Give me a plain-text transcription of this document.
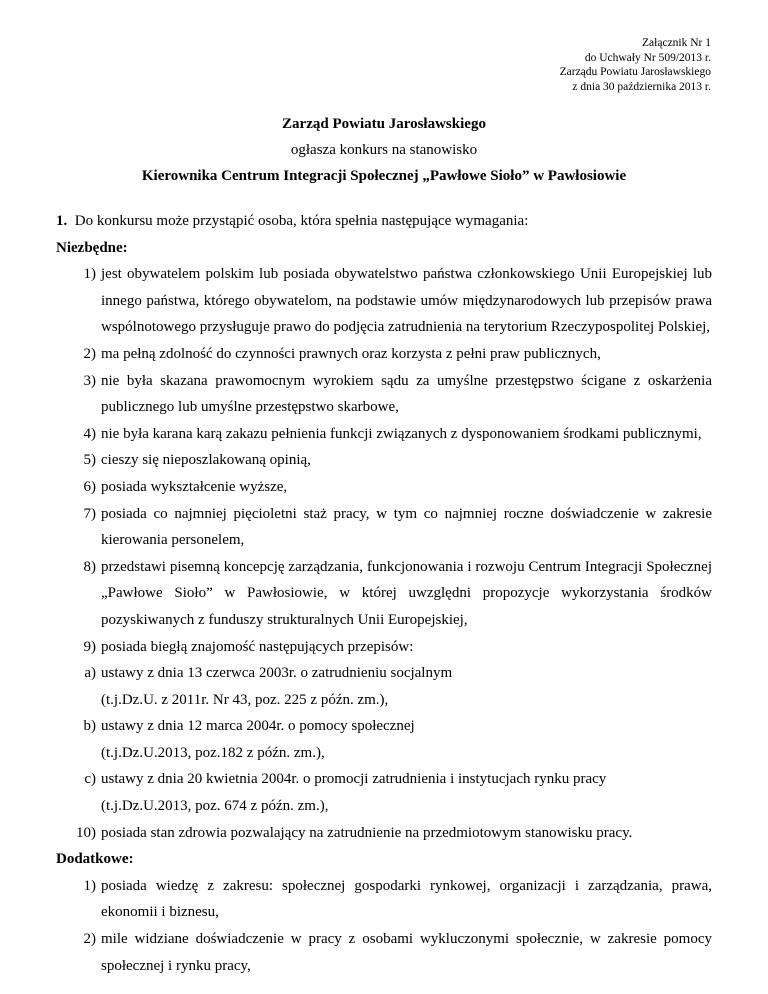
Załącznik Nr 1
do Uchwały Nr 509/2013 r.
Zarządu Powiatu Jarosławskiego
z dnia 30 października 2013 r.
Zarząd Powiatu Jarosławskiego
ogłasza konkurs na stanowisko
Kierownika Centrum Integracji Społecznej „Pawłowe Sioło” w Pawłosiowie

1. Do konkursu może przystąpić osoba, która spełnia następujące wymagania:

Niezbędne:

1) jest obywatelem polskim lub posiada obywatelstwo państwa członkowskiego Unii Europejskiej lub innego państwa, którego obywatelom, na podstawie umów międzynarodowych lub przepisów prawa wspólnotowego przysługuje prawo do podjęcia zatrudnienia na terytorium Rzeczypospolitej Polskiej,
2) ma pełną zdolność do czynności prawnych oraz korzysta z pełni praw publicznych,
3) nie była skazana prawomocnym wyrokiem sądu za umyślne przestępstwo ścigane z oskarżenia publicznego lub umyślne przestępstwo skarbowe,
4) nie była karana karą zakazu pełnienia funkcji związanych z dysponowaniem środkami publicznymi,
5) cieszy się nieposzlakowaną opinią,
6) posiada wykształcenie wyższe,
7) posiada co najmniej pięcioletni staż pracy, w tym co najmniej roczne doświadczenie w zakresie kierowania personelem,
8) przedstawi pisemną koncepcję zarządzania, funkcjonowania i rozwoju Centrum Integracji Społecznej „Pawłowe Sioło” w Pawłosiowie, w której uwzględni propozycje wykorzystania środków pozyskiwanych z funduszy strukturalnych Unii Europejskiej,
9) posiada biegłą znajomość następujących przepisów:
a) ustawy z dnia 13 czerwca 2003r. o zatrudnieniu socjalnym
(t.j.Dz.U. z 2011r. Nr 43, poz. 225 z późn. zm.),
b) ustawy z dnia 12 marca 2004r. o pomocy społecznej
(t.j.Dz.U.2013, poz.182 z późn. zm.),
c) ustawy z dnia 20 kwietnia 2004r. o promocji zatrudnienia i instytucjach rynku pracy
(t.j.Dz.U.2013, poz. 674 z późn. zm.),
10) posiada stan zdrowia pozwalający na zatrudnienie na przedmiotowym stanowisku pracy.

Dodatkowe:

1) posiada wiedzę z zakresu: społecznej gospodarki rynkowej, organizacji i zarządzania, prawa, ekonomii i biznesu,
2) mile widziane doświadczenie w pracy z osobami wykluczonymi społecznie, w zakresie pomocy społecznej i rynku pracy,
